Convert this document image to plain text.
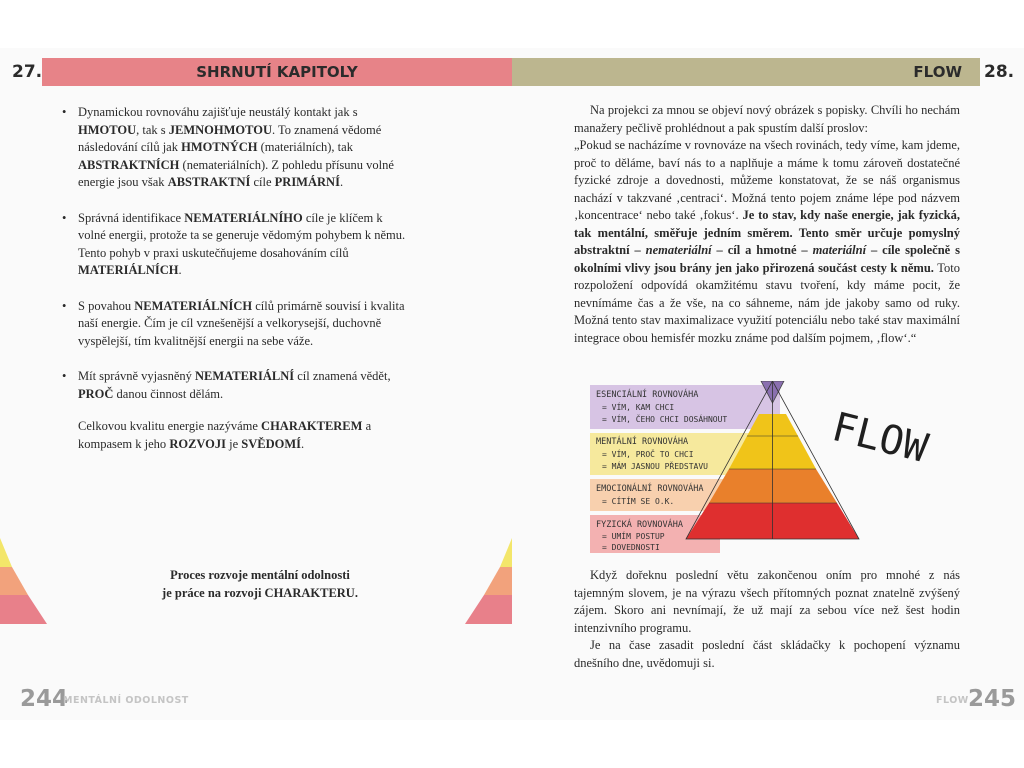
27.	SHRNUTÍ KAPITOLY
• Dynamickou rovnováhu zajišťuje neustálý kontakt jak s HMOTOU, tak s JEMNOHMOTOU. To znamená vědomé následování cílů jak HMOTNÝCH (materiálních), tak ABSTRAKTNÍCH (nemateriálních). Z pohledu přísunu volné energie jsou však ABSTRAKTNÍ cíle PRIMÁRNÍ.
• Správná identifikace NEMATERIÁLNÍHO cíle je klíčem k volné energii, protože ta se generuje vědomým pohybem k němu. Tento pohyb v praxi uskutečňujeme dosahováním cílů MATERIÁLNÍCH.
• S povahou NEMATERIÁLNÍCH cílů primárně souvisí i kvalita naší energie. Čím je cíl vznešenější a velkorysejší, duchovně vyspělejší, tím kvalitnější energii na sebe váže.
• Mít správně vyjasněný NEMATERIÁLNÍ cíl znamená vědět, PROČ danou činnost dělám.
Celkovou kvalitu energie nazýváme CHARAKTEREM a kompasem k jeho ROZVOJI je SVĚDOMÍ.
Proces rozvoje mentální odolnosti
je práce na rozvoji CHARAKTERU.
244
MENTÁLNÍ ODOLNOST
FLOW	28.

Na projekci za mnou se objeví nový obrázek s popisky. Chvíli ho nechám manažery pečlivě prohlédnout a pak spustím další proslov:

„Pokud se nacházíme v rovnováze na všech rovinách, tedy víme, kam jdeme, proč to děláme, baví nás to a naplňuje a máme k tomu zároveň dostatečné fyzické zdroje a dovednosti, můžeme konstatovat, že se náš organismus nachází v takzvané ‚centraci‘. Možná tento pojem známe lépe pod názvem ‚koncentrace‘ nebo také ‚fokus‘. Je to stav, kdy naše energie, jak fyzická, tak mentální, směřuje jedním směrem. Tento směr určuje pomyslný abstraktní – nemateriální – cíl a hmotné – materiální – cíle společně s okolními vlivy jsou brány jen jako přirozená součást cesty k němu. Toto rozpoložení odpovídá okamžitému stavu tvoření, kdy máme pocit, že nevnímáme čas a že vše, na co sáhneme, nám jde jakoby samo od ruky. Možná tento stav maximalizace využití potenciálu nebo také stav maximální integrace obou hemisfér mozku známe pod dalším pojmem, ‚flow‘.“

ESENCIÁLNÍ ROVNOVÁHA
= VÍM, KAM CHCI
= VÍM, ČEHO CHCI DOSÁHNOUT
MENTÁLNÍ ROVNOVÁHA
= VÍM, PROČ TO CHCI
= MÁM JASNOU PŘEDSTAVU
EMOCIONÁLNÍ ROVNOVÁHA
= CÍTÍM SE O.K.
FYZICKÁ ROVNOVÁHA
= UMÍM POSTUP
= DOVEDNOSTI
FLOW

Když dořeknu poslední větu zakončenou oním pro mnohé z nás tajemným slovem, je na výrazu všech přítomných poznat znatelně zvýšený zájem. Skoro ani nevnímají, že už mají za sebou více než šest hodin intenzivního programu.

Je na čase zasadit poslední část skládačky k pochopení významu dnešního dne, uvědomuji si.

FLOW 245
